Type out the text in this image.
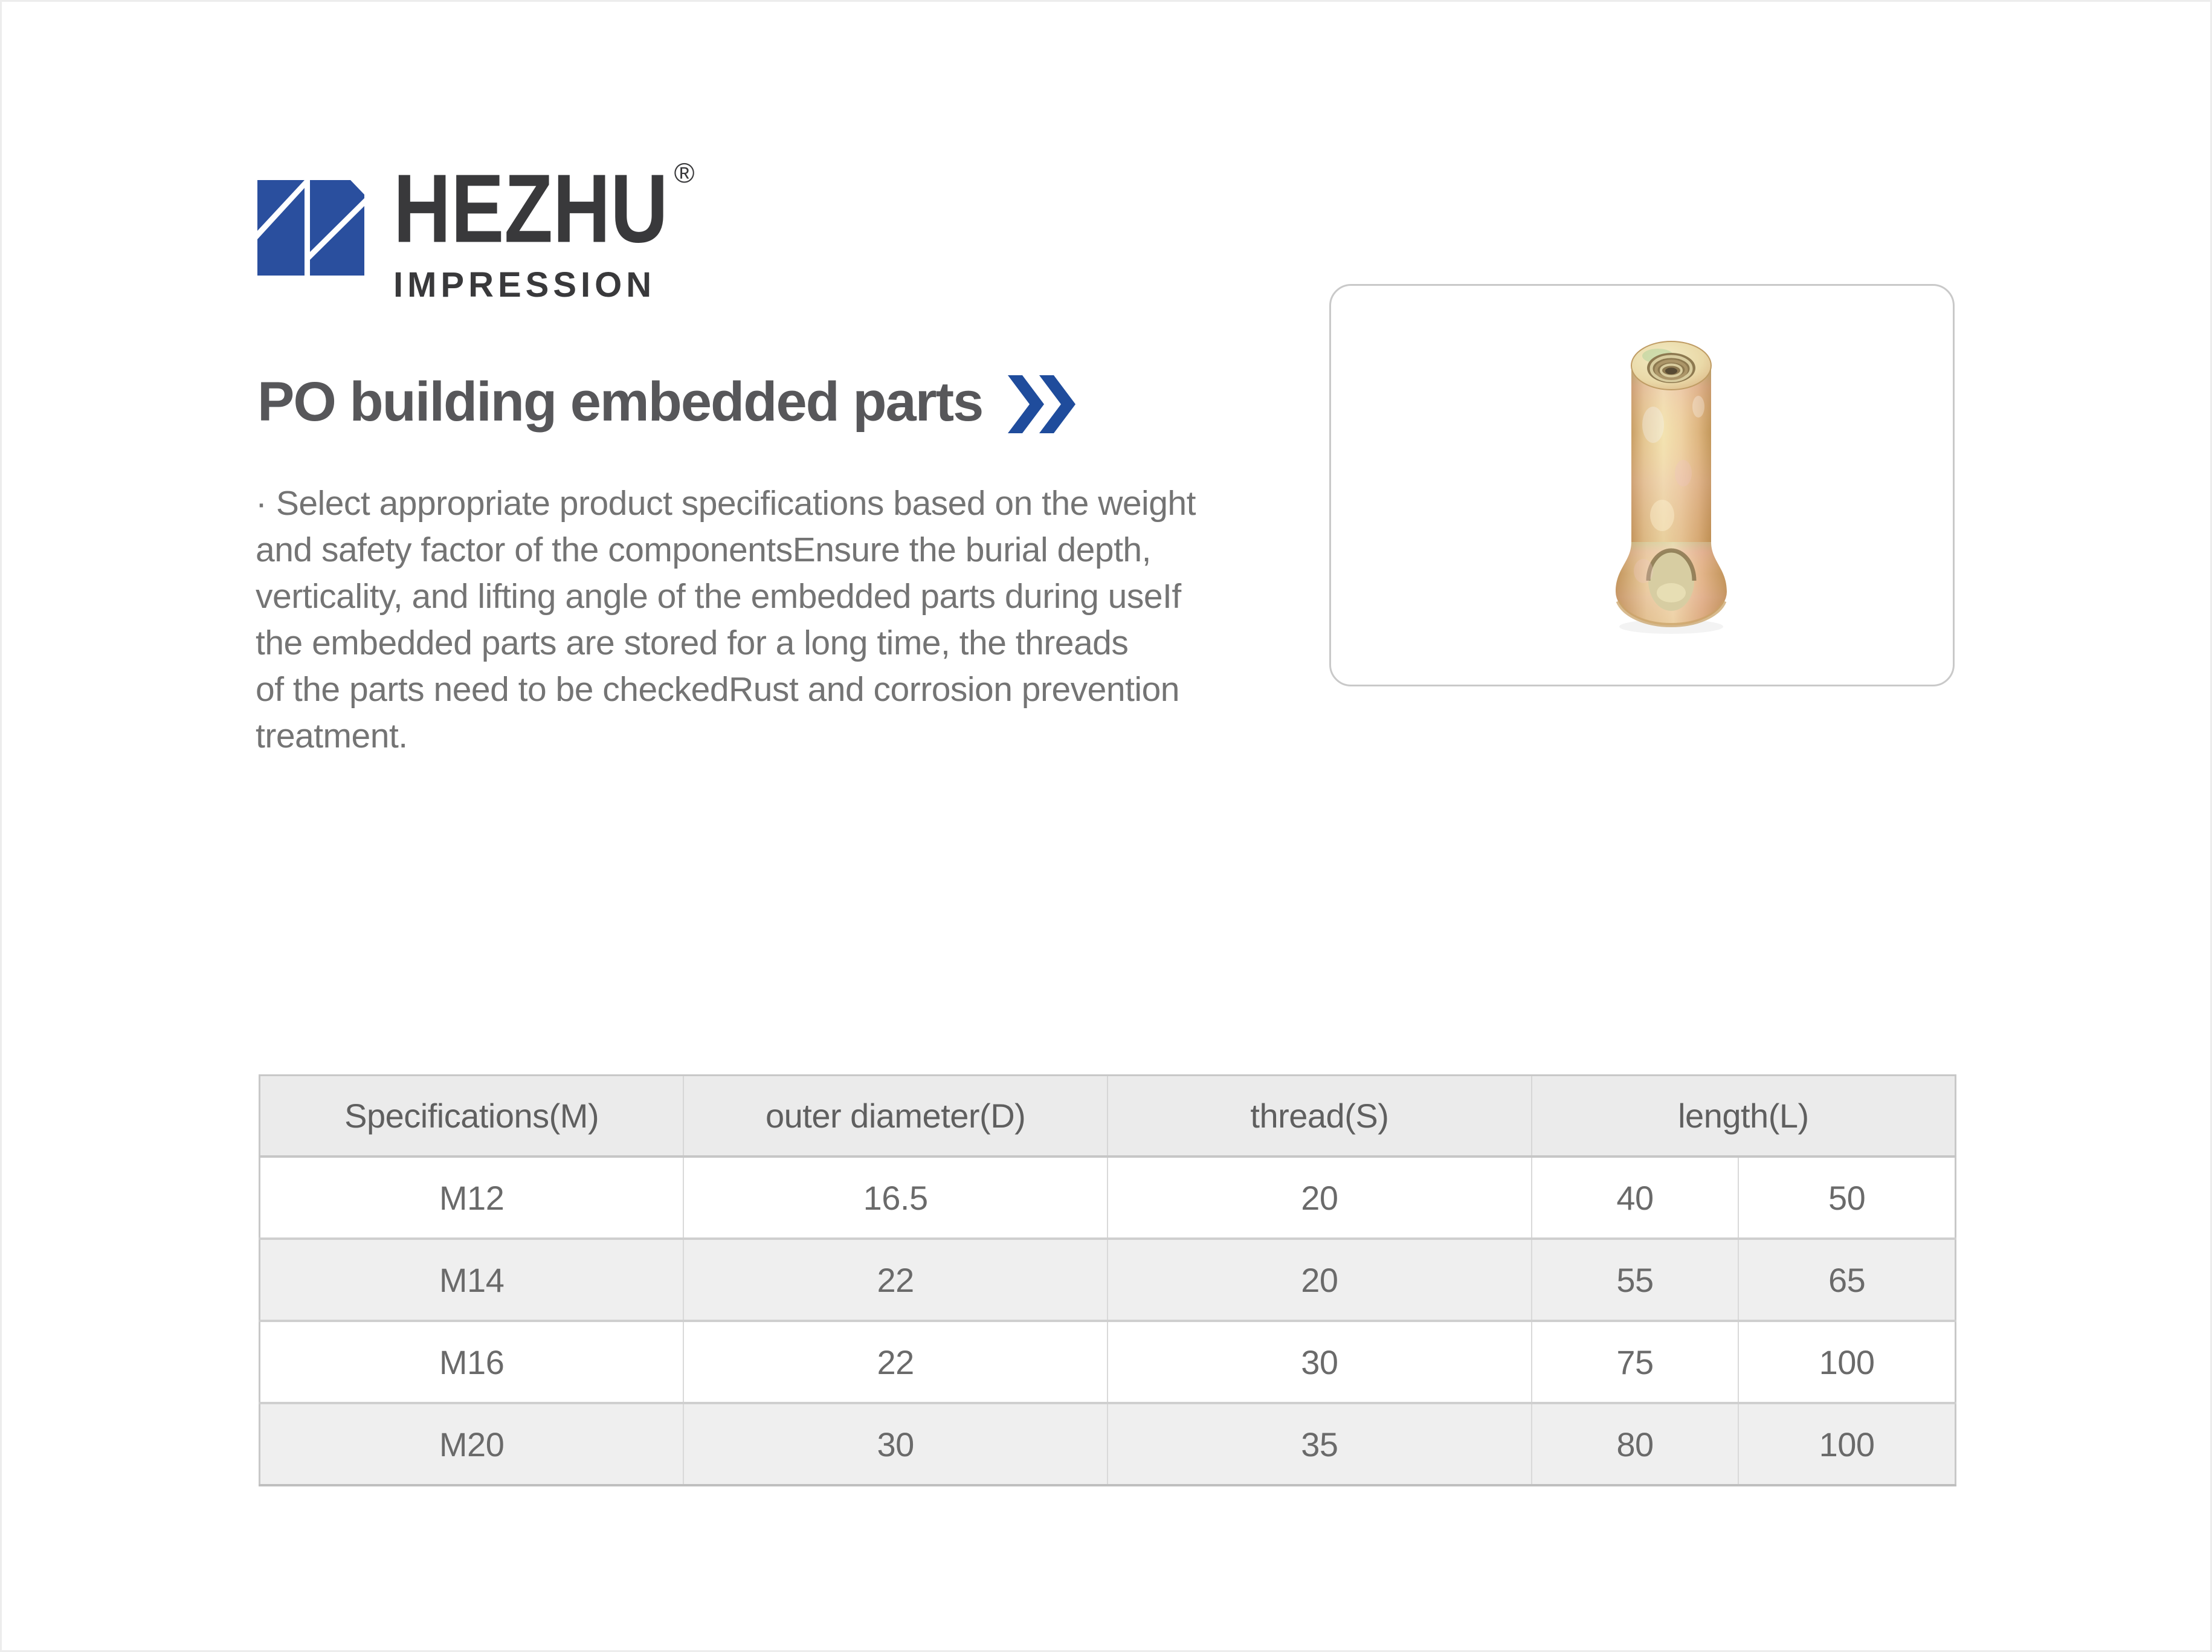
HEZHU ®
IMPRESSION
PO building embedded parts
· Select appropriate product specifications based on the weight
and safety factor of the componentsEnsure the burial depth,
verticality, and lifting angle of the embedded parts during useIf
the embedded parts are stored for a long time, the threads
of the parts need to be checkedRust and corrosion prevention
treatment.
Specifications(M)	outer diameter(D)	thread(S)	length(L)	
M12	16.5	20	40	50
M14	22	20	55	65
M16	22	30	75	100
M20	30	35	80	100
